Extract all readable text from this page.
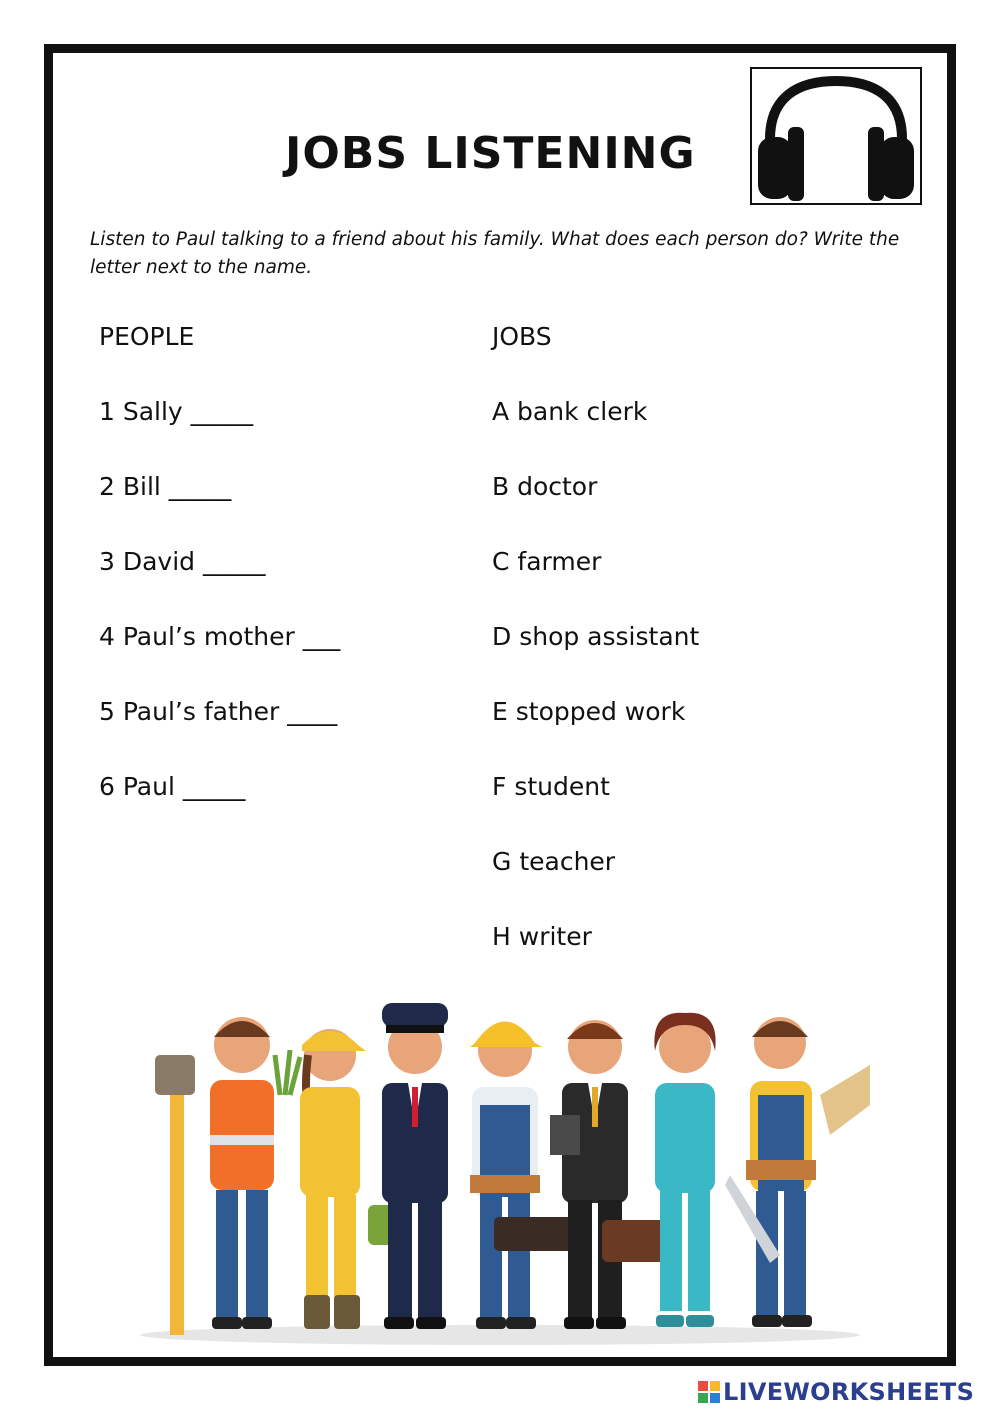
JOBS LISTENING
Listen to Paul talking to a friend about his family. What does each person do? Write the letter next to the name.
PEOPLE
1 Sally _____
2 Bill _____
3 David _____
4 Paul’s mother ___
5 Paul’s father ____
6 Paul _____
JOBS
A bank clerk
B doctor
C farmer
D shop assistant
E stopped work
F student
G teacher
H writer
LIVEWORKSHEETS
